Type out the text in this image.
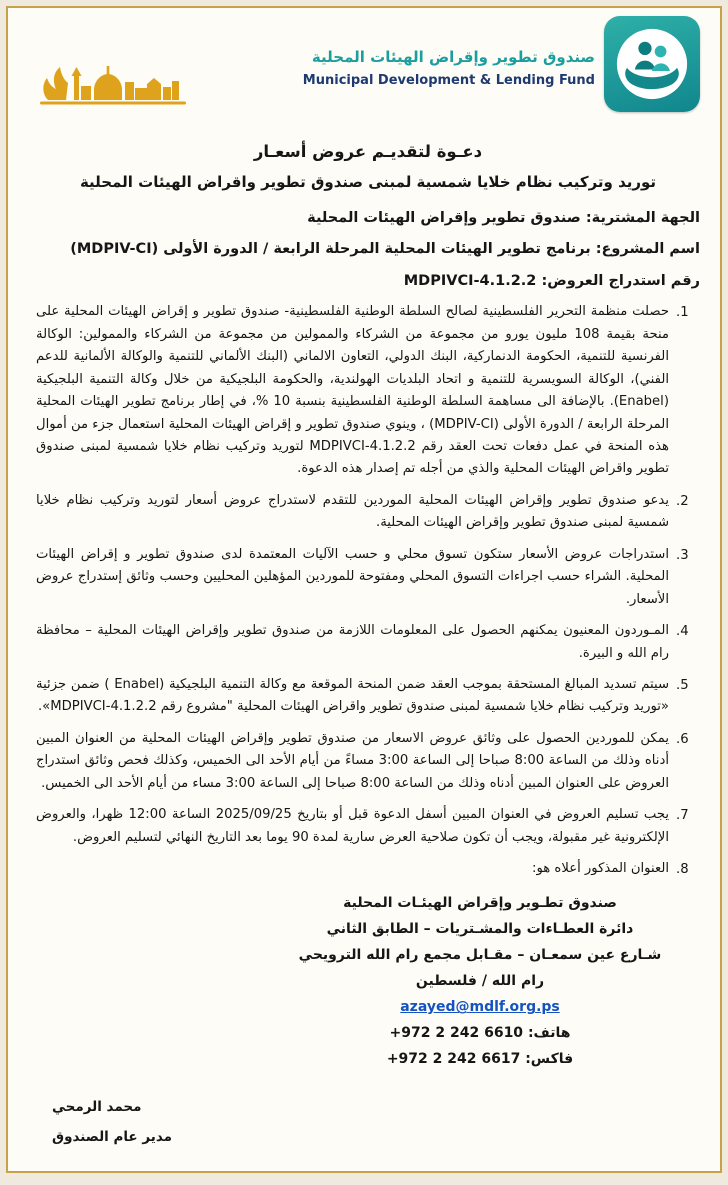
صندوق تطوير وإقراض الهيئات المحلية
Municipal Development & Lending Fund
دعـوة لتقديـم عروض أسعـار
توريد وتركيب نظام خلايا شمسية لمبنى صندوق تطوير واقراض الهيئات المحلية
الجهة المشترية: صندوق تطوير وإقراض الهيئات المحلية
اسم المشروع: برنامج تطوير الهيئات المحلية المرحلة الرابعة / الدورة الأولى (MDPIV-CI)
رقم استدراج العروض: MDPIVCI-4.1.2.2
1.
حصلت منظمة التحرير الفلسطينية لصالح السلطة الوطنية الفلسطينية- صندوق تطوير و إقراض الهيئات المحلية على منحة بقيمة 108 مليون يورو من مجموعة من الشركاء والممولين من مجموعة من الشركاء والممولين: الوكالة الفرنسية للتنمية، الحكومة الدنماركية، البنك الدولي، التعاون الالماني (البنك الألماني للتنمية والوكالة الألمانية للدعم الفني)، الوكالة السويسرية للتنمية و اتحاد البلديات الهولندية، والحكومة البلجيكية من خلال وكالة التنمية البلجيكية (Enabel). بالإضافة الى مساهمة السلطة الوطنية الفلسطينية بنسبة 10 %، في إطار برنامج تطوير الهيئات المحلية المرحلة الرابعة / الدورة الأولى (MDPIV-CI) ، وينوي صندوق تطوير و إقراض الهيئات المحلية استعمال جزء من أموال هذه المنحة في عمل دفعات تحت العقد رقم MDPIVCI-4.1.2.2 لتوريد وتركيب نظام خلايا شمسية لمبنى صندوق تطوير واقراض الهيئات المحلية والذي من أجله تم إصدار هذه الدعوة.
2.
يدعو صندوق تطوير وإقراض الهيئات المحلية الموردين للتقدم لاستدراج عروض أسعار لتوريد وتركيب نظام خلايا شمسية لمبنى صندوق تطوير وإقراض الهيئات المحلية.
3.
استدراجات عروض الأسعار ستكون تسوق محلي و حسب الآليات المعتمدة لدى صندوق تطوير و إقراض الهيئات المحلية. الشراء حسب اجراءات التسوق المحلي ومفتوحة للموردين المؤهلين المحليين وحسب وثائق إستدراج عروض الأسعار.
4.
المـوردون المعنيون يمكنهم الحصول على المعلومات اللازمة من صندوق تطوير وإقراض الهيئات المحلية – محافظة رام الله و البيرة.
5.
سيتم تسديد المبالغ المستحقة بموجب العقد ضمن المنحة الموقعة مع وكالة التنمية البلجيكية (Enabel ) ضمن جزئية «توريد وتركيب نظام خلايا شمسية لمبنى صندوق تطوير واقراض الهيئات المحلية "مشروع رقم MDPIVCI-4.1.2.2».
6.
يمكن للموردين الحصول على وثائق عروض الاسعار من صندوق تطوير وإقراض الهيئات المحلية من العنوان المبين أدناه وذلك من الساعة 8:00 صباحا إلى الساعة 3:00 مساءً من أيام الأحد الى الخميس، وكذلك فحص وثائق استدراج العروض على العنوان المبين أدناه وذلك من الساعة 8:00 صباحا إلى الساعة 3:00 مساء من أيام الأحد الى الخميس.
7.
يجب تسليم العروض في العنوان المبين أسفل الدعوة قبل أو بتاريخ 2025/09/25 الساعة 12:00 ظهرا، والعروض الإلكترونية غير مقبولة، ويجب أن تكون صلاحية العرض سارية لمدة 90 يوما بعد التاريخ النهائي لتسليم العروض.
8.
العنوان المذكور أعلاه هو:
صندوق تطـوير وإقراض الهيئـات المحلية
دائرة العطـاءات والمشـتريات – الطابق الثاني
شـارع عين سمعـان – مقـابل مجمع رام الله الترويحي
رام الله / فلسطين
azayed@mdlf.org.ps
هاتف: +972 2 242 6610
فاكس: +972 2 242 6617
محمد الرمحي
مدير عام الصندوق
